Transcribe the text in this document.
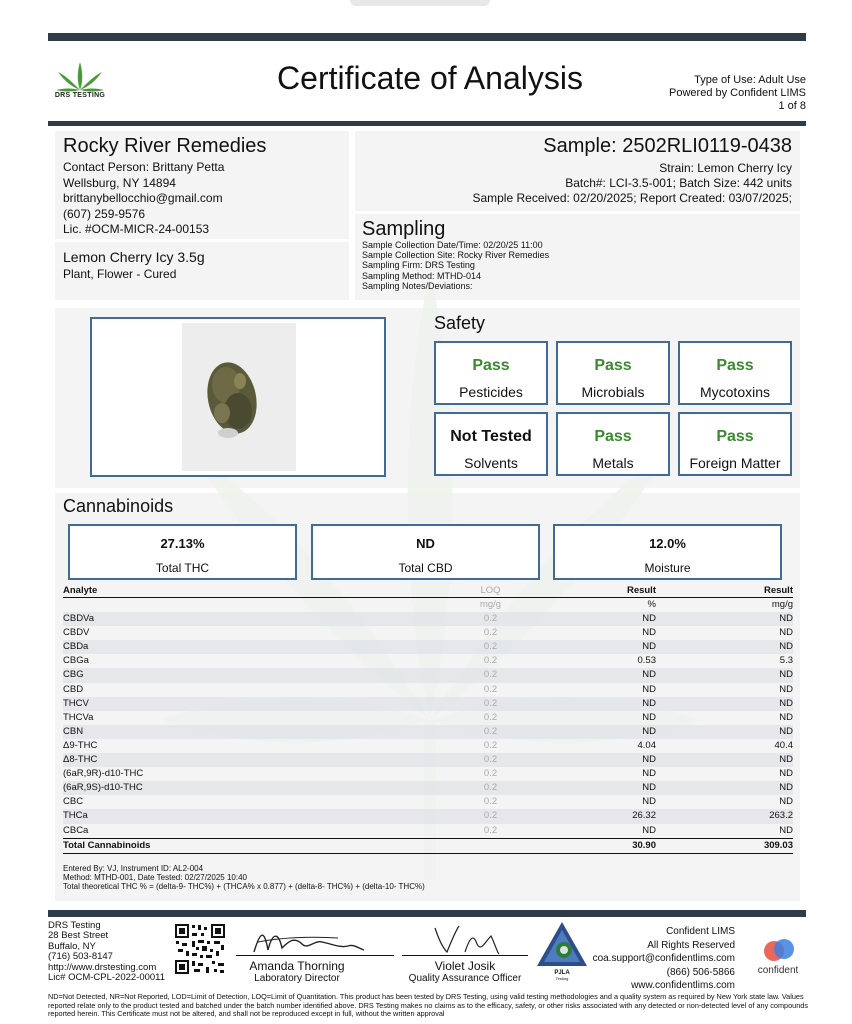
DRS TESTING	Certificate of Analysis	Type of Use: Adult Use
Powered by Confident LIMS
1 of 8
Rocky River Remedies
Contact Person: Brittany Petta
Wellsburg, NY 14894
brittanybellocchio@gmail.com
(607) 259-9576
Lic. #OCM-MICR-24-00153
Lemon Cherry Icy 3.5g
Plant, Flower - Cured
Sample: 2502RLI0119-0438
Strain: Lemon Cherry Icy
Batch#: LCI-3.5-001; Batch Size: 442 units
Sample Received: 02/20/2025; Report Created: 03/07/2025;
Sampling
Sample Collection Date/Time: 02/20/25 11:00
Sample Collection Site: Rocky River Remedies
Sampling Firm: DRS Testing
Sampling Method: MTHD-014
Sampling Notes/Deviations:
Safety
Pass
Pesticides
Pass
Microbials
Pass
Mycotoxins
Not Tested
Solvents
Pass
Metals
Pass
Foreign Matter
Cannabinoids
27.13%
Total THC
ND
Total CBD
12.0%
Moisture
Analyte	LOQ	Result	Result
	mg/g	%	mg/g
CBDVa	0.2	ND	ND
CBDV	0.2	ND	ND
CBDa	0.2	ND	ND
CBGa	0.2	0.53	5.3
CBG	0.2	ND	ND
CBD	0.2	ND	ND
THCV	0.2	ND	ND
THCVa	0.2	ND	ND
CBN	0.2	ND	ND
Δ9-THC	0.2	4.04	40.4
Δ8-THC	0.2	ND	ND
(6aR,9R)-d10-THC	0.2	ND	ND
(6aR,9S)-d10-THC	0.2	ND	ND
CBC	0.2	ND	ND
THCa	0.2	26.32	263.2
CBCa	0.2	ND	ND
Total Cannabinoids		30.90	309.03
Entered By: VJ, Instrument ID: AL2-004
Method: MTHD-001, Date Tested: 02/27/2025 10:40
Total theoretical THC % = (delta-9- THC%) + (THCA% x 0.877) + (delta-8- THC%) + (delta-10- THC%)
DRS Testing
28 Best Street
Buffalo, NY
(716) 503-8147
http://www.drstesting.com
Lic# OCM-CPL-2022-00011
Amanda Thorning
Laboratory Director
Violet Josik
Quality Assurance Officer	PJLA
Testing
Confident LIMS
All Rights Reserved
coa.support@confidentlims.com
(866) 506-5866
www.confidentlims.com
confident
ND=Not Detected, NR=Not Reported, LOD=Limit of Detection, LOQ=Limit of Quantitation. This product has been tested by DRS Testing, using valid testing methodologies and a quality system as required by New York state law. Values reported relate only to the product tested and batched under the batch number identified above. DRS Testing makes no claims as to the efficacy, safety, or other risks associated with any detected or non-detected level of any compounds reported herein. This Certificate must not be altered, and shall not be reproduced except in full, without the written approval
